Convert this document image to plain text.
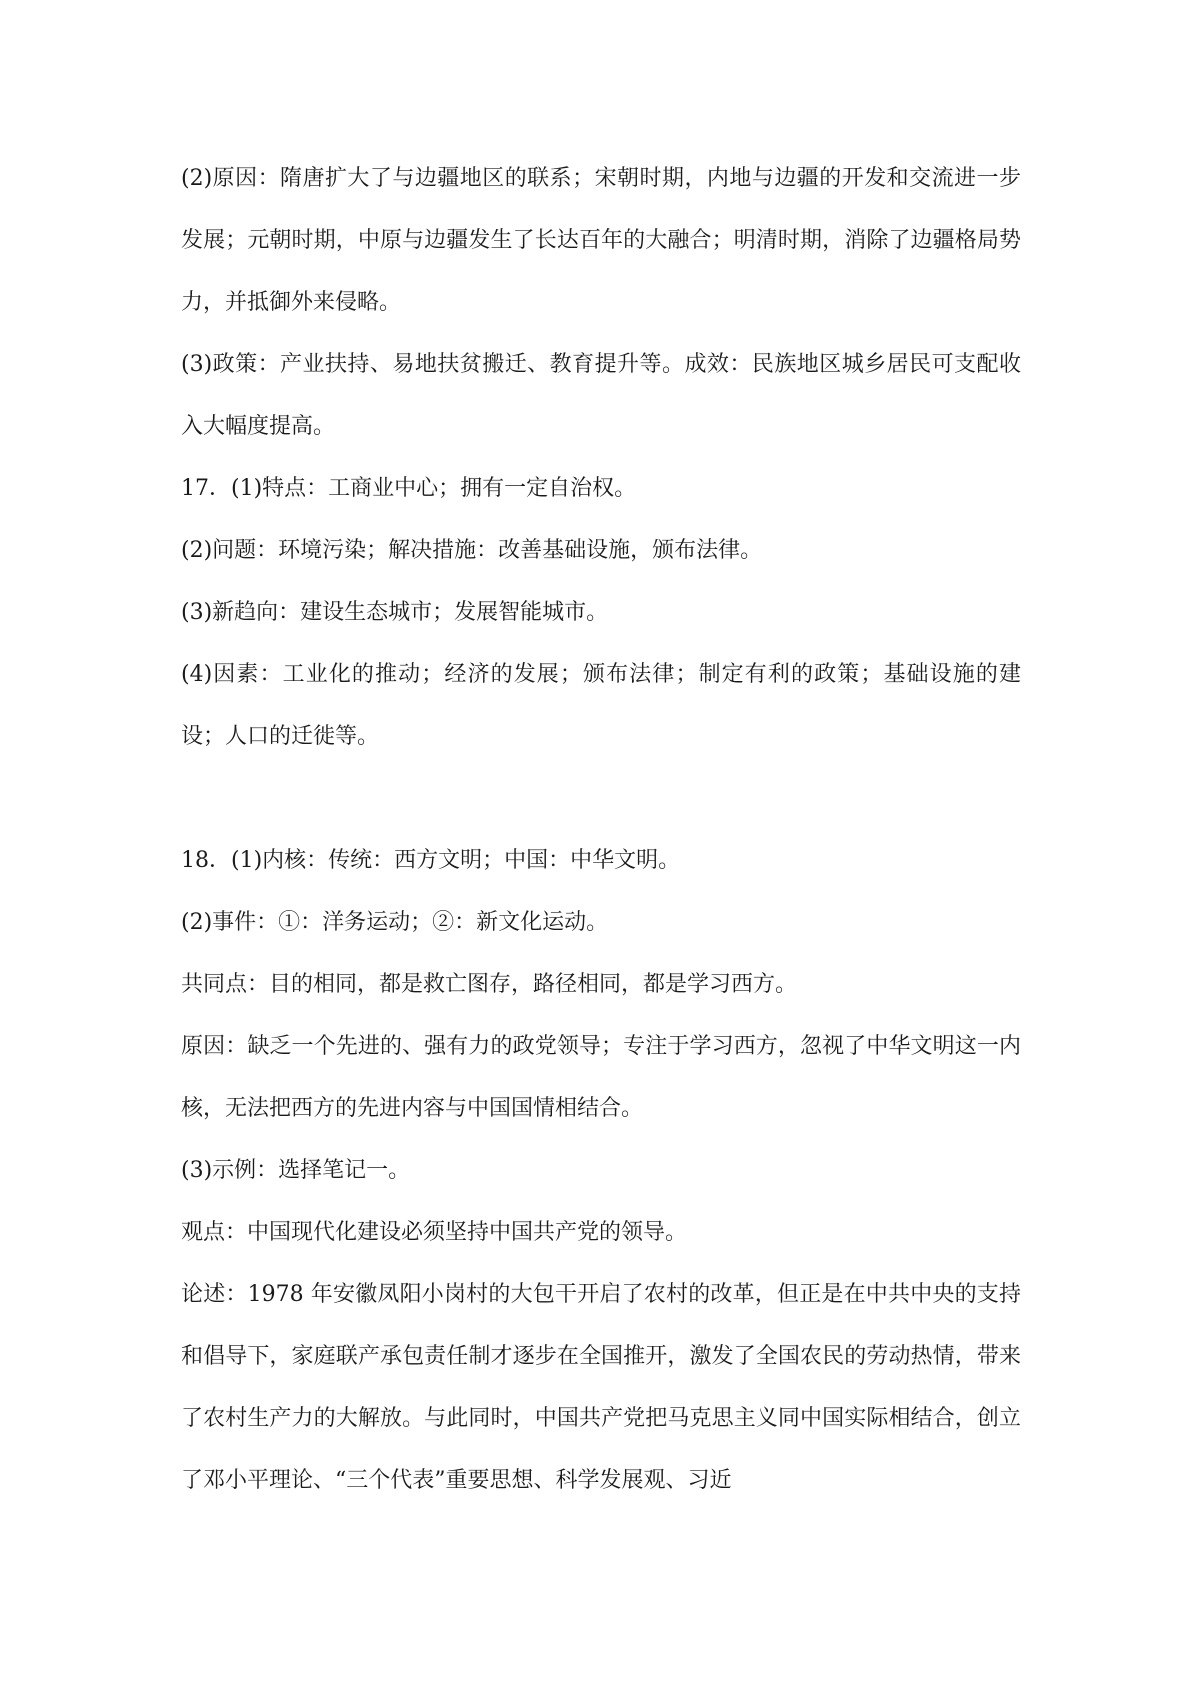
(2)原因：隋唐扩大了与边疆地区的联系；宋朝时期，内地与边疆的开发和交流进一步发展；元朝时期，中原与边疆发生了长达百年的大融合；明清时期，消除了边疆格局势力，并抵御外来侵略。

(3)政策：产业扶持、易地扶贫搬迁、教育提升等。成效：民族地区城乡居民可支配收入大幅度提高。

17．(1)特点：工商业中心；拥有一定自治权。

(2)问题：环境污染；解决措施：改善基础设施，颁布法律。

(3)新趋向：建设生态城市；发展智能城市。

(4)因素：工业化的推动；经济的发展；颁布法律；制定有利的政策；基础设施的建设；人口的迁徙等。

18．(1)内核：传统：西方文明；中国：中华文明。

(2)事件：①：洋务运动；②：新文化运动。

共同点：目的相同，都是救亡图存，路径相同，都是学习西方。

原因：缺乏一个先进的、强有力的政党领导；专注于学习西方，忽视了中华文明这一内核，无法把西方的先进内容与中国国情相结合。

(3)示例：选择笔记一。

观点：中国现代化建设必须坚持中国共产党的领导。

论述：1978 年安徽凤阳小岗村的大包干开启了农村的改革，但正是在中共中央的支持和倡导下，家庭联产承包责任制才逐步在全国推开，激发了全国农民的劳动热情，带来了农村生产力的大解放。与此同时，中国共产党把马克思主义同中国实际相结合，创立了邓小平理论、“三个代表”重要思想、科学发展观、习近
